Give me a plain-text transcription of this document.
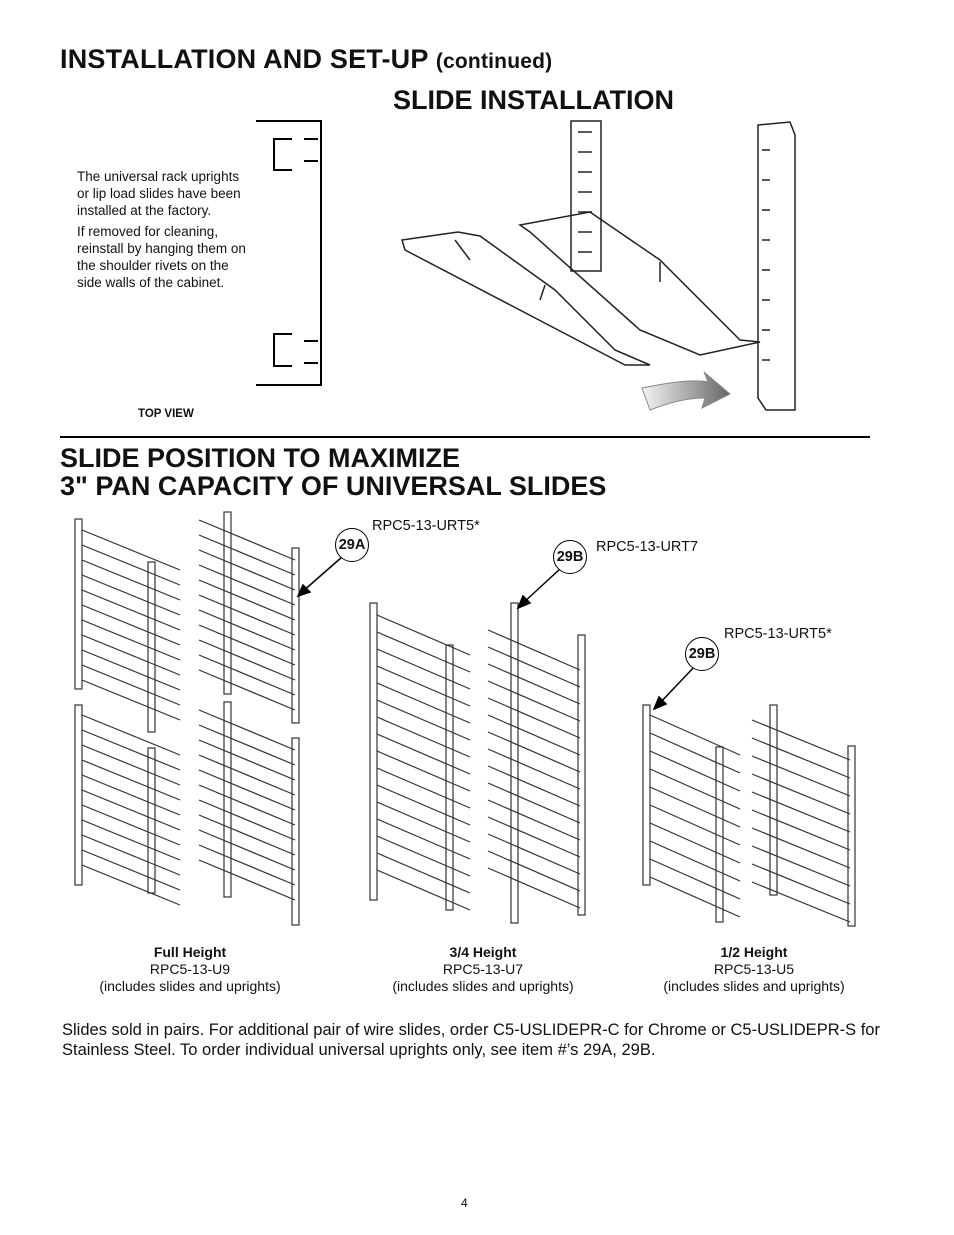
INSTALLATION AND SET-UP (continued)
SLIDE INSTALLATION

The universal rack uprights or lip load slides have been installed at the factory.

If removed for cleaning, reinstall by hanging them on the shoulder rivets on the side walls of the cabinet.

TOP VIEW
SLIDE POSITION TO MAXIMIZE
3" PAN CAPACITY OF UNIVERSAL SLIDES
RPC5-13-URT5*
29A	RPC5-13-URT7
29B
RPC5-13-URT5*
29B
Full Height
RPC5-13-U9
(includes slides and uprights)
3/4 Height
RPC5-13-U7
(includes slides and uprights)
1/2 Height
RPC5-13-U5
(includes slides and uprights)
Slides sold in pairs. For additional pair of wire slides, order C5-USLIDEPR-C for Chrome or C5-USLIDEPR-S for Stainless Steel. To order individual universal uprights only, see item #’s 29A, 29B.
4
